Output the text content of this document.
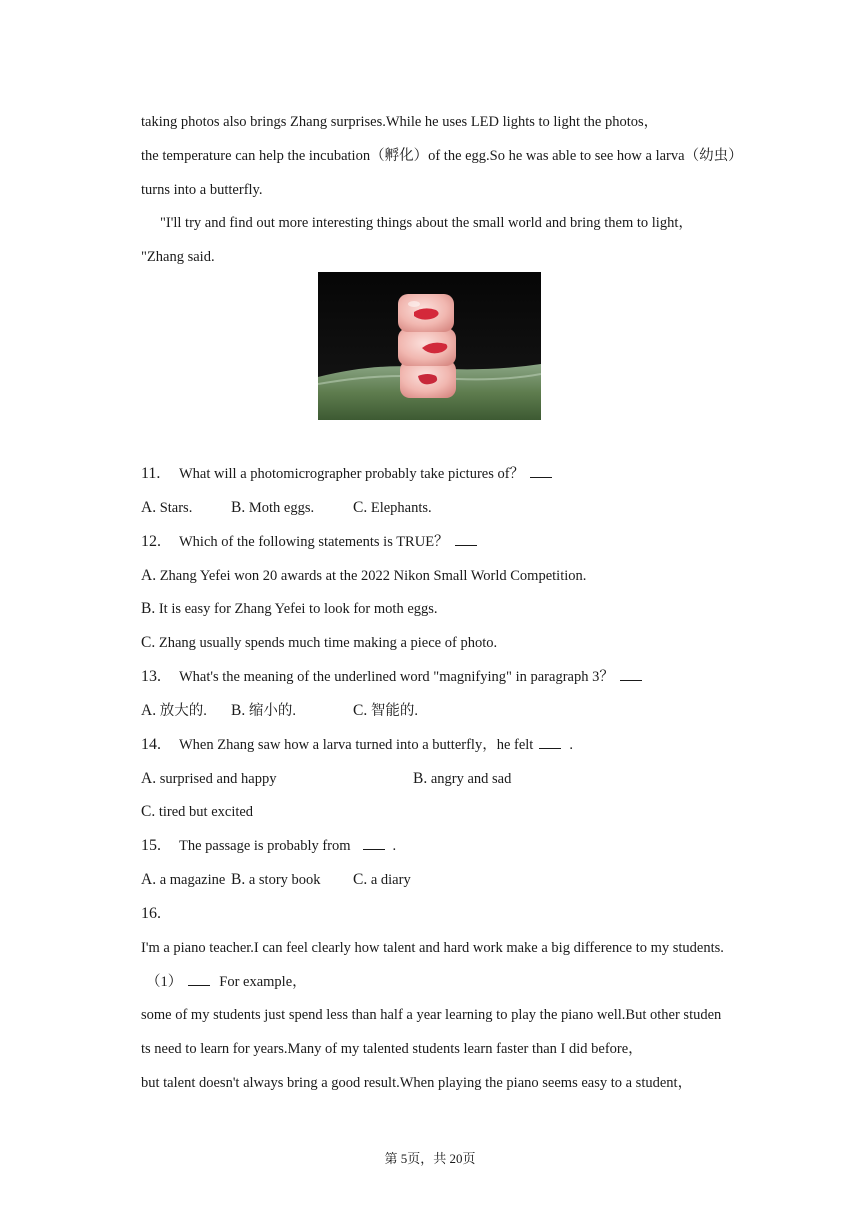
taking photos also brings Zhang surprises.While he uses LED lights to light the photos，
the temperature can help the incubation（孵化）of the egg.So he was able to see how a larva（幼虫）
turns into a butterfly.
"I'll try and find out more interesting things about the small world and bring them to light，
"Zhang said.
11. What will a photomicrographer probably take pictures of？
A. Stars. B. Moth eggs.	C. Elephants.
12. Which of the following statements is TRUE？
A. Zhang Yefei won 20 awards at the 2022 Nikon Small World Competition.
B. It is easy for Zhang Yefei to look for moth eggs.
C. Zhang usually spends much time making a piece of photo.
13. What's the meaning of the underlined word "magnifying" in paragraph 3？
A. 放大的. B. 缩小的.	C. 智能的.
14. When Zhang saw how a larva turned into a butterfly，he felt .
A. surprised and happy	B. angry and sad
C. tired but excited
15. The passage is probably from	.
A. a magazine B. a story book C. a diary
16.
I'm a piano teacher.I can feel clearly how talent and hard work make a big difference to my students.
（1）	For example，
some of my students just spend less than half a year learning to play the piano well.But other studen
ts need to learn for years.Many of my talented students learn faster than I did before，
but talent doesn't always bring a good result.When playing the piano seems easy to a student，
第 5页，共 20页
